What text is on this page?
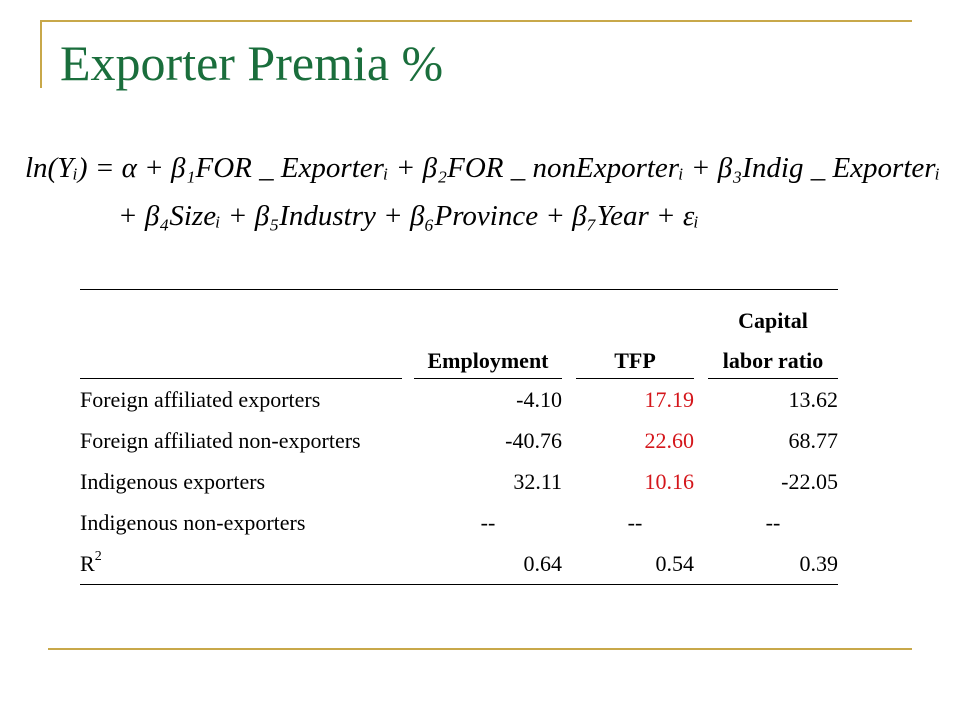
Exporter Premia %
ln(Yᵢ) = α + β₁FOR _ Exporterᵢ + β₂FOR _ nonExporterᵢ + β₃Indig _ Exporterᵢ
+ β₄Sizeᵢ + β₅Industry + β₆Province + β₇Year + εᵢ
						Capital

		Employment		TFP		labor ratio

Foreign affiliated exporters		-4.10		17.19		13.62
Foreign affiliated non-exporters		-40.76		22.60		68.77
Indigenous exporters		32.11		10.16		-22.05
Indigenous non-exporters		--		--		--
$R^2$		0.64		0.54		0.39
